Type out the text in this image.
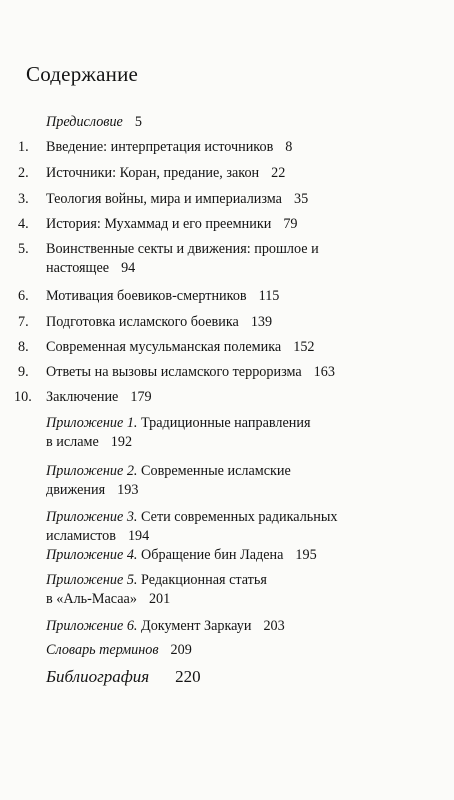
Содержание
Предисловие 5
1. Введение: интерпретация источников 8
2. Источники: Коран, предание, закон 22
3. Теология войны, мира и империализма 35
4. История: Мухаммад и его преемники 79
5. Воинственные секты и движения: прошлое и
настоящее 94
6. Мотивация боевиков-смертников 115
7. Подготовка исламского боевика 139
8. Современная мусульманская полемика 152
9. Ответы на вызовы исламского терроризма 163
10. Заключение 179
Приложение 1. Традиционные направления
в исламе 192
Приложение 2. Современные исламские
движения 193
Приложение 3. Сети современных радикальных
исламистов 194
Приложение 4. Обращение бин Ладена 195
Приложение 5. Редакционная статья
в «Аль-Масаа» 201
Приложение 6. Документ Заркауи 203
Словарь терминов 209
Библиография 220
